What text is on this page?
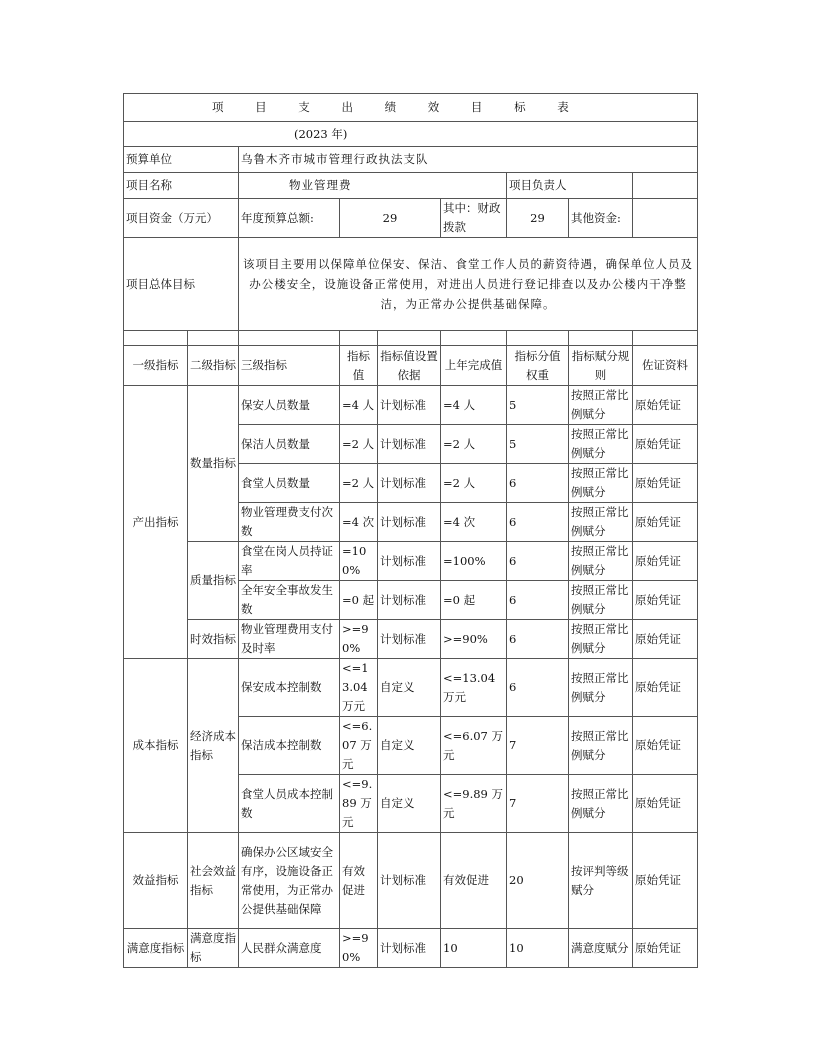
项 目 支 出 绩 效 目 标 表								
(2023 年)								
预算单位		乌鲁木齐市城市管理行政执法支队						
项目名称		物业管理费				项目负责人		
项目资金（万元）		年度预算总额:	29		其中：财政拨款	29	其他资金:	
项目总体目标		该项目主要用以保障单位保安、保洁、食堂工作人员的薪资待遇，确保单位人员及办公楼安全，设施设备正常使用，对进出人员进行登记排查以及办公楼内干净整洁，为正常办公提供基础保障。						

一级指标	二级指标	三级指标	指标值	指标值设置依据	上年完成值	指标分值权重	指标赋分规则	佐证资料
产出指标	数量指标	保安人员数量	=4 人	计划标准	=4 人	5	按照正常比例赋分	原始凭证
		保洁人员数量	=2 人	计划标准	=2 人	5	按照正常比例赋分	原始凭证
		食堂人员数量	=2 人	计划标准	=2 人	6	按照正常比例赋分	原始凭证
		物业管理费支付次数	=4 次	计划标准	=4 次	6	按照正常比例赋分	原始凭证
	质量指标	食堂在岗人员持证率	=100%	计划标准	=100%	6	按照正常比例赋分	原始凭证
		全年安全事故发生数	=0 起	计划标准	=0 起	6	按照正常比例赋分	原始凭证
	时效指标	物业管理费用支付及时率	>=90%	计划标准	>=90%	6	按照正常比例赋分	原始凭证
成本指标	经济成本指标	保安成本控制数	<=13.04 万元	自定义	<=13.04 万元	6	按照正常比例赋分	原始凭证
		保洁成本控制数	<=6.07 万元	自定义	<=6.07 万元	7	按照正常比例赋分	原始凭证
		食堂人员成本控制数	<=9.89 万元	自定义	<=9.89 万元	7	按照正常比例赋分	原始凭证
效益指标	社会效益指标	确保办公区域安全有序，设施设备正常使用，为正常办公提供基础保障	有效促进	计划标准	有效促进	20	按评判等级赋分	原始凭证
满意度指标	满意度指标	人民群众满意度	>=90%	计划标准	10	10	满意度赋分	原始凭证
